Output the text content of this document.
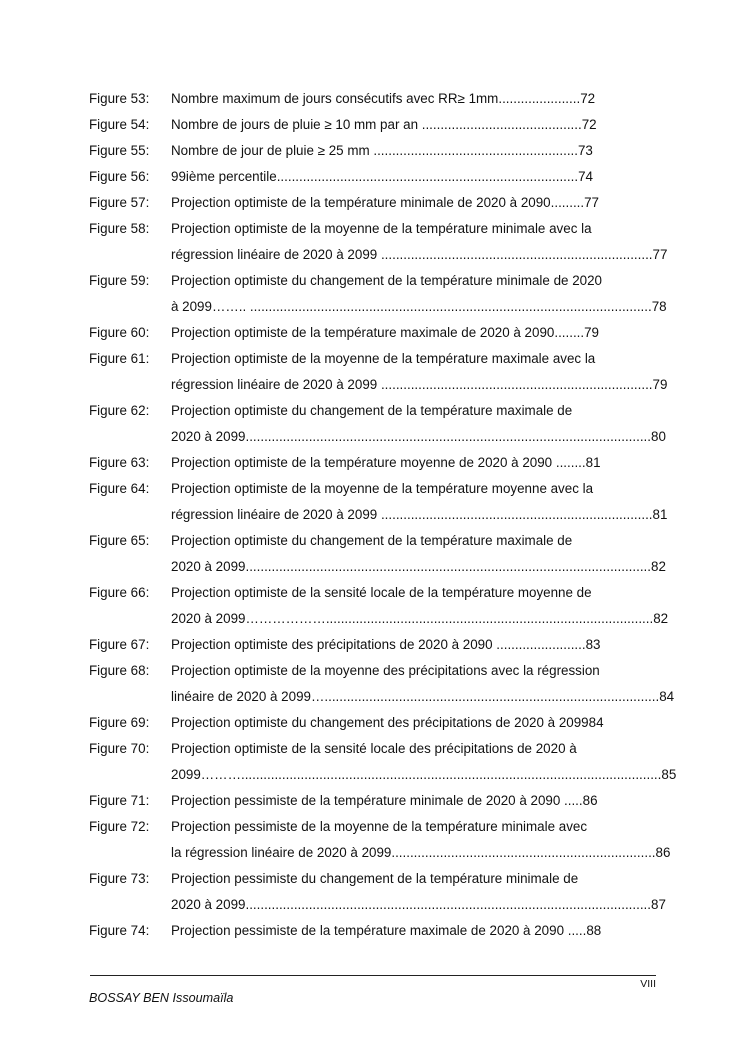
Figure 53: Nombre maximum de jours consécutifs avec RR≥ 1mm......................72
Figure 54: Nombre de jours de pluie ≥ 10 mm par an ...........................................72
Figure 55: Nombre de jour de pluie ≥ 25 mm .......................................................73
Figure 56: 99ième percentile.................................................................................74
Figure 57: Projection optimiste de la température minimale de 2020 à 2090.........77
Figure 58: Projection optimiste de la moyenne de la température minimale avec la
régression linéaire de 2020 à 2099 .........................................................................77
Figure 59: Projection optimiste du changement de la température minimale de 2020
à 2099…….. ............................................................................................................78
Figure 60: Projection optimiste de la température maximale de 2020 à 2090........79
Figure 61: Projection optimiste de la moyenne de la température maximale avec la
régression linéaire de 2020 à 2099 .........................................................................79
Figure 62: Projection optimiste du changement de la température maximale de
2020 à 2099.............................................................................................................80
Figure 63: Projection optimiste de la température moyenne de 2020 à 2090 ........81
Figure 64: Projection optimiste de la moyenne de la température moyenne avec la
régression linéaire de 2020 à 2099 .........................................................................81
Figure 65: Projection optimiste du changement de la température maximale de
2020 à 2099.............................................................................................................82
Figure 66: Projection optimiste de la sensité locale de la température moyenne de
2020 à 2099………………........................................................................................82
Figure 67: Projection optimiste des précipitations de 2020 à 2090 ........................83
Figure 68: Projection optimiste de la moyenne des précipitations avec la régression
linéaire de 2020 à 2099…..........................................................................................84
Figure 69: Projection optimiste du changement des précipitations de 2020 à 209984
Figure 70: Projection optimiste de la sensité locale des précipitations de 2020 à
2099……….................................................................................................................85
Figure 71: Projection pessimiste de la température minimale de 2020 à 2090 .....86
Figure 72: Projection pessimiste de la moyenne de la température minimale avec
la régression linéaire de 2020 à 2099.......................................................................86
Figure 73: Projection pessimiste du changement de la température minimale de
2020 à 2099.............................................................................................................87
Figure 74: Projection pessimiste de la température maximale de 2020 à 2090 .....88
VIII
BOSSAY BEN Issoumaïla
